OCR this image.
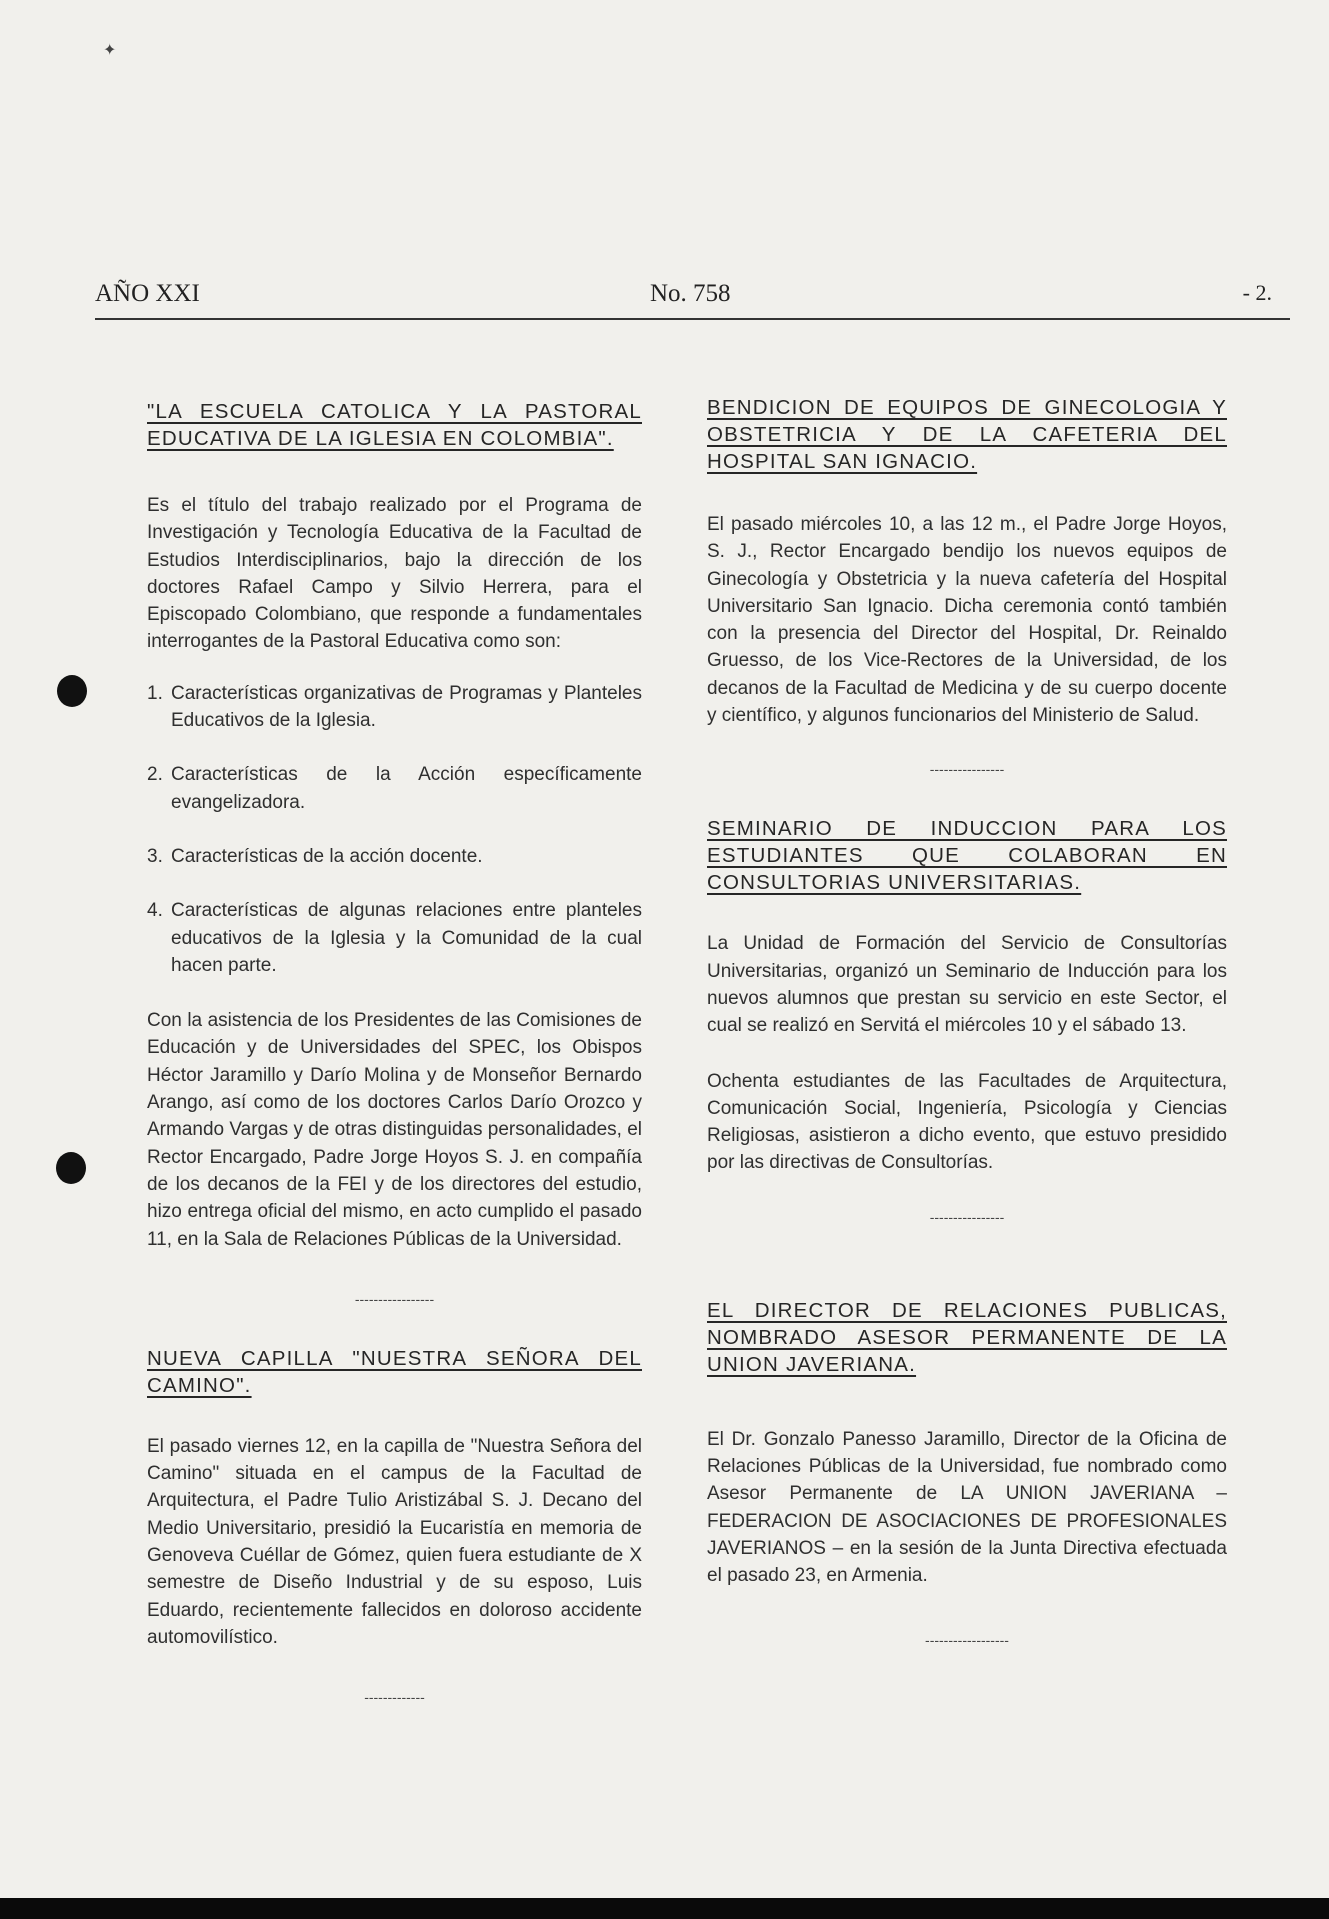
✦
AÑO XXI	No. 758	- 2.
"LA ESCUELA CATOLICA Y LA PASTORAL EDUCATIVA DE LA IGLESIA EN COLOMBIA".

Es el título del trabajo realizado por el Programa de Investigación y Tecnología Educativa de la Facultad de Estudios Interdisciplinarios, bajo la dirección de los doctores Rafael Campo y Silvio Herrera, para el Episcopado Colombiano, que responde a fundamentales interrogantes de la Pastoral Educativa como son:

1. Características organizativas de Programas y Planteles Educativos de la Iglesia.
2. Características de la Acción específicamente evangelizadora.
3. Características de la acción docente.
4. Características de algunas relaciones entre planteles educativos de la Iglesia y la Comunidad de la cual hacen parte.

Con la asistencia de los Presidentes de las Comisiones de Educación y de Universidades del SPEC, los Obispos Héctor Jaramillo y Darío Molina y de Monseñor Bernardo Arango, así como de los doctores Carlos Darío Orozco y Armando Vargas y de otras distinguidas personalidades, el Rector Encargado, Padre Jorge Hoyos S. J. en compañía de los decanos de la FEI y de los directores del estudio, hizo entrega oficial del mismo, en acto cumplido el pasado 11, en la Sala de Relaciones Públicas de la Universidad.

-----------------
NUEVA CAPILLA "NUESTRA SEÑORA DEL CAMINO".

El pasado viernes 12, en la capilla de "Nuestra Señora del Camino" situada en el campus de la Facultad de Arquitectura, el Padre Tulio Aristizábal S. J. Decano del Medio Universitario, presidió la Eucaristía en memoria de Genoveva Cuéllar de Gómez, quien fuera estudiante de X semestre de Diseño Industrial y de su esposo, Luis Eduardo, recientemente fallecidos en doloroso accidente automovilístico.

-------------
BENDICION DE EQUIPOS DE GINECOLOGIA Y OBSTETRICIA Y DE LA CAFETERIA DEL HOSPITAL SAN IGNACIO.

El pasado miércoles 10, a las 12 m., el Padre Jorge Hoyos, S. J., Rector Encargado bendijo los nuevos equipos de Ginecología y Obstetricia y la nueva cafetería del Hospital Universitario San Ignacio. Dicha ceremonia contó también con la presencia del Director del Hospital, Dr. Reinaldo Gruesso, de los Vice-Rectores de la Universidad, de los decanos de la Facultad de Medicina y de su cuerpo docente y científico, y algunos funcionarios del Ministerio de Salud.

----------------
SEMINARIO DE INDUCCION PARA LOS ESTUDIANTES QUE COLABORAN EN CONSULTORIAS UNIVERSITARIAS.

La Unidad de Formación del Servicio de Consultorías Universitarias, organizó un Seminario de Inducción para los nuevos alumnos que prestan su servicio en este Sector, el cual se realizó en Servitá el miércoles 10 y el sábado 13.

Ochenta estudiantes de las Facultades de Arquitectura, Comunicación Social, Ingeniería, Psicología y Ciencias Religiosas, asistieron a dicho evento, que estuvo presidido por las directivas de Consultorías.

----------------
EL DIRECTOR DE RELACIONES PUBLICAS, NOMBRADO ASESOR PERMANENTE DE LA UNION JAVERIANA.

El Dr. Gonzalo Panesso Jaramillo, Director de la Oficina de Relaciones Públicas de la Universidad, fue nombrado como Asesor Permanente de LA UNION JAVERIANA – FEDERACION DE ASOCIACIONES DE PROFESIONALES JAVERIANOS – en la sesión de la Junta Directiva efectuada el pasado 23, en Armenia.

------------------
